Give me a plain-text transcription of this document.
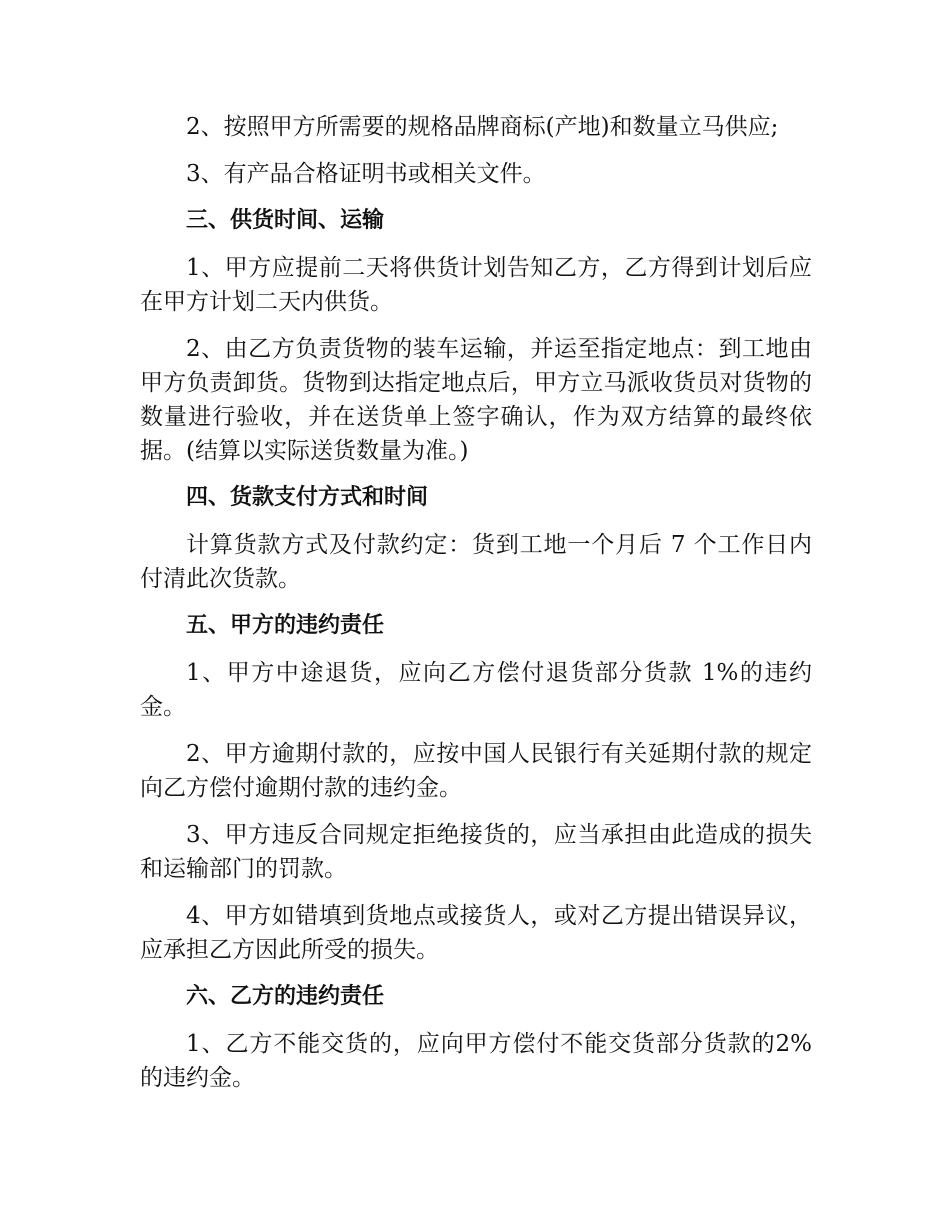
2、按照甲方所需要的规格品牌商标(产地)和数量立马供应;

3、有产品合格证明书或相关文件。

三、供货时间、运输

1、甲方应提前二天将供货计划告知乙方，乙方得到计划后应在甲方计划二天内供货。

2、由乙方负责货物的装车运输，并运至指定地点：到工地由甲方负责卸货。货物到达指定地点后，甲方立马派收货员对货物的数量进行验收，并在送货单上签字确认，作为双方结算的最终依据。(结算以实际送货数量为准。)

四、货款支付方式和时间

计算货款方式及付款约定：货到工地一个月后 7 个工作日内付清此次货款。

五、甲方的违约责任

1、甲方中途退货，应向乙方偿付退货部分货款 1%的违约金。

2、甲方逾期付款的，应按中国人民银行有关延期付款的规定向乙方偿付逾期付款的违约金。

3、甲方违反合同规定拒绝接货的，应当承担由此造成的损失和运输部门的罚款。

4、甲方如错填到货地点或接货人，或对乙方提出错误异议，应承担乙方因此所受的损失。

六、乙方的违约责任

1、乙方不能交货的，应向甲方偿付不能交货部分货款的2%的违约金。
